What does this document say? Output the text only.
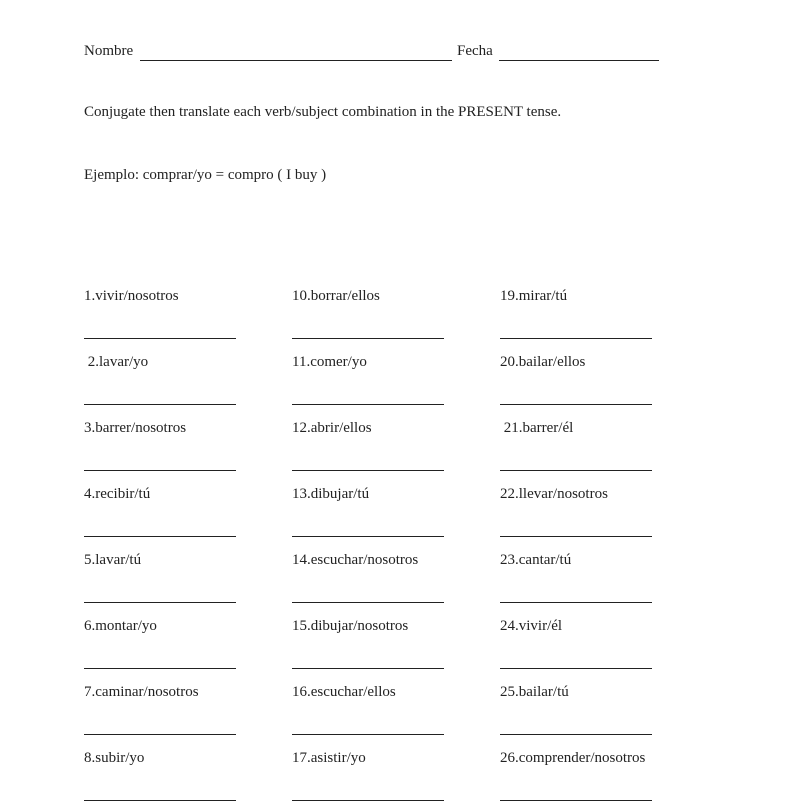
Nombre	Fecha
Conjugate then translate each verb/subject combination in the PRESENT tense.
Ejemplo: comprar/yo = compro ( I buy )
1.vivir/nosotros
2.lavar/yo
3.barrer/nosotros
4.recibir/tú
5.lavar/tú
6.montar/yo
7.caminar/nosotros
8.subir/yo
10.borrar/ellos
11.comer/yo
12.abrir/ellos
13.dibujar/tú
14.escuchar/nosotros
15.dibujar/nosotros
16.escuchar/ellos
17.asistir/yo
19.mirar/tú
20.bailar/ellos
21.barrer/él
22.llevar/nosotros
23.cantar/tú
24.vivir/él
25.bailar/tú
26.comprender/nosotros
